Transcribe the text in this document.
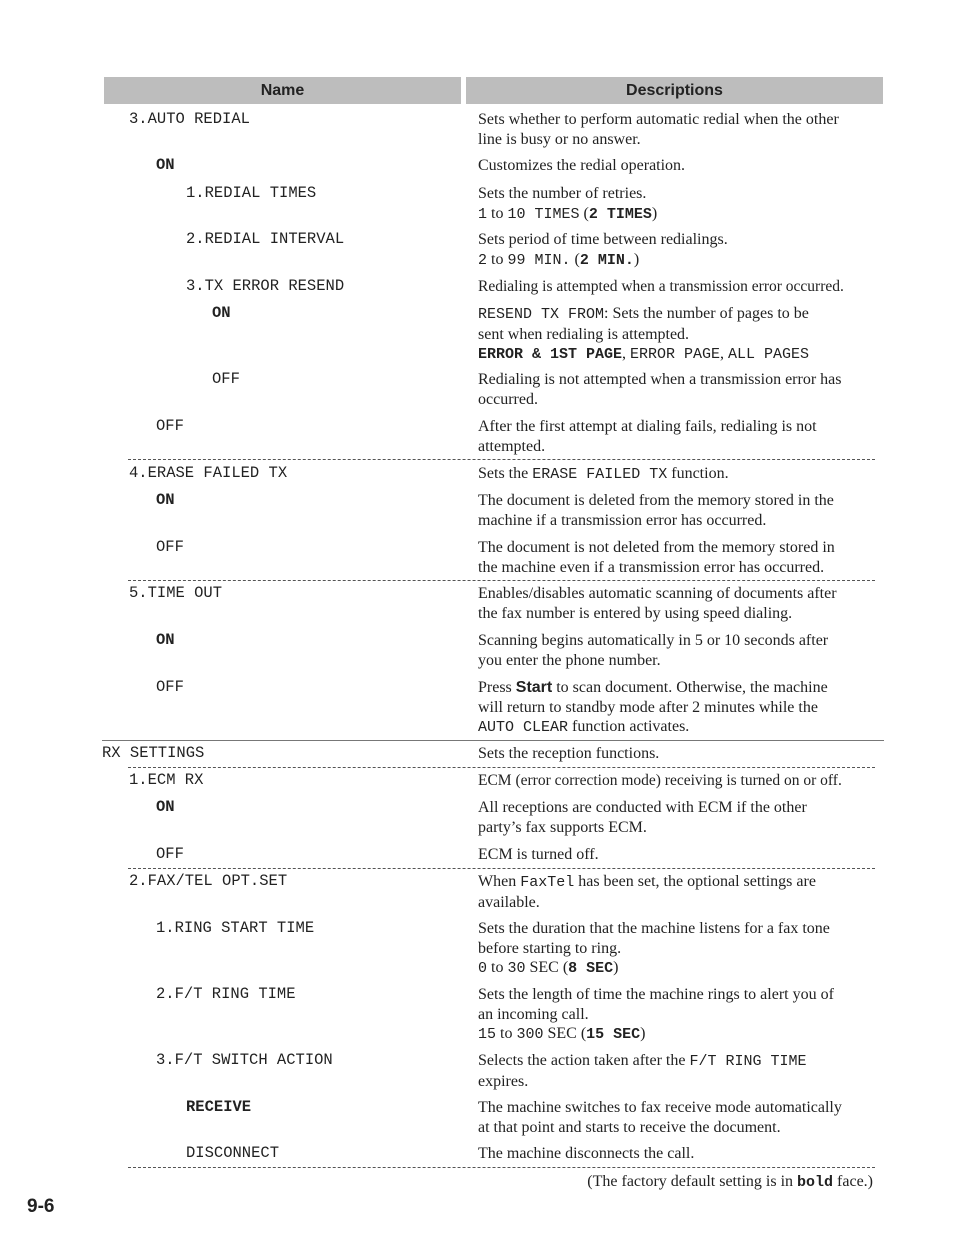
Name	Descriptions
3.AUTO REDIAL	Sets whether to perform automatic redial when the other
line is busy or no answer.
ON	Customizes the redial operation.
1.REDIAL TIMES	Sets the number of retries.
1 to 10 TIMES (2 TIMES)
2.REDIAL INTERVAL	Sets period of time between redialings.
2 to 99 MIN. (2 MIN.)
3.TX ERROR RESEND	Redialing is attempted when a transmission error occurred.
ON	RESEND TX FROM: Sets the number of pages to be
sent when redialing is attempted.
ERROR & 1ST PAGE, ERROR PAGE, ALL PAGES
OFF	Redialing is not attempted when a transmission error has
occurred.
OFF	After the first attempt at dialing fails, redialing is not
attempted.
4.ERASE FAILED TX	Sets the ERASE FAILED TX function.
ON	The document is deleted from the memory stored in the
machine if a transmission error has occurred.
OFF	The document is not deleted from the memory stored in
the machine even if a transmission error has occurred.
5.TIME OUT	Enables/disables automatic scanning of documents after
the fax number is entered by using speed dialing.
ON	Scanning begins automatically in 5 or 10 seconds after
you enter the phone number.
OFF	Press Start to scan document. Otherwise, the machine
will return to standby mode after 2 minutes while the
AUTO CLEAR function activates.
RX SETTINGS	Sets the reception functions.
1.ECM RX	ECM (error correction mode) receiving is turned on or off.
ON	All receptions are conducted with ECM if the other
party’s fax supports ECM.
OFF	ECM is turned off.
2.FAX/TEL OPT.SET	When FaxTel has been set, the optional settings are
available.
1.RING START TIME	Sets the duration that the machine listens for a fax tone
before starting to ring.
0 to 30 SEC (8 SEC)
2.F/T RING TIME	Sets the length of time the machine rings to alert you of
an incoming call.
15 to 300 SEC (15 SEC)
3.F/T SWITCH ACTION	Selects the action taken after the F/T RING TIME
expires.
RECEIVE	The machine switches to fax receive mode automatically
at that point and starts to receive the document.
DISCONNECT	The machine disconnects the call.
(The factory default setting is in bold face.)
9-6
